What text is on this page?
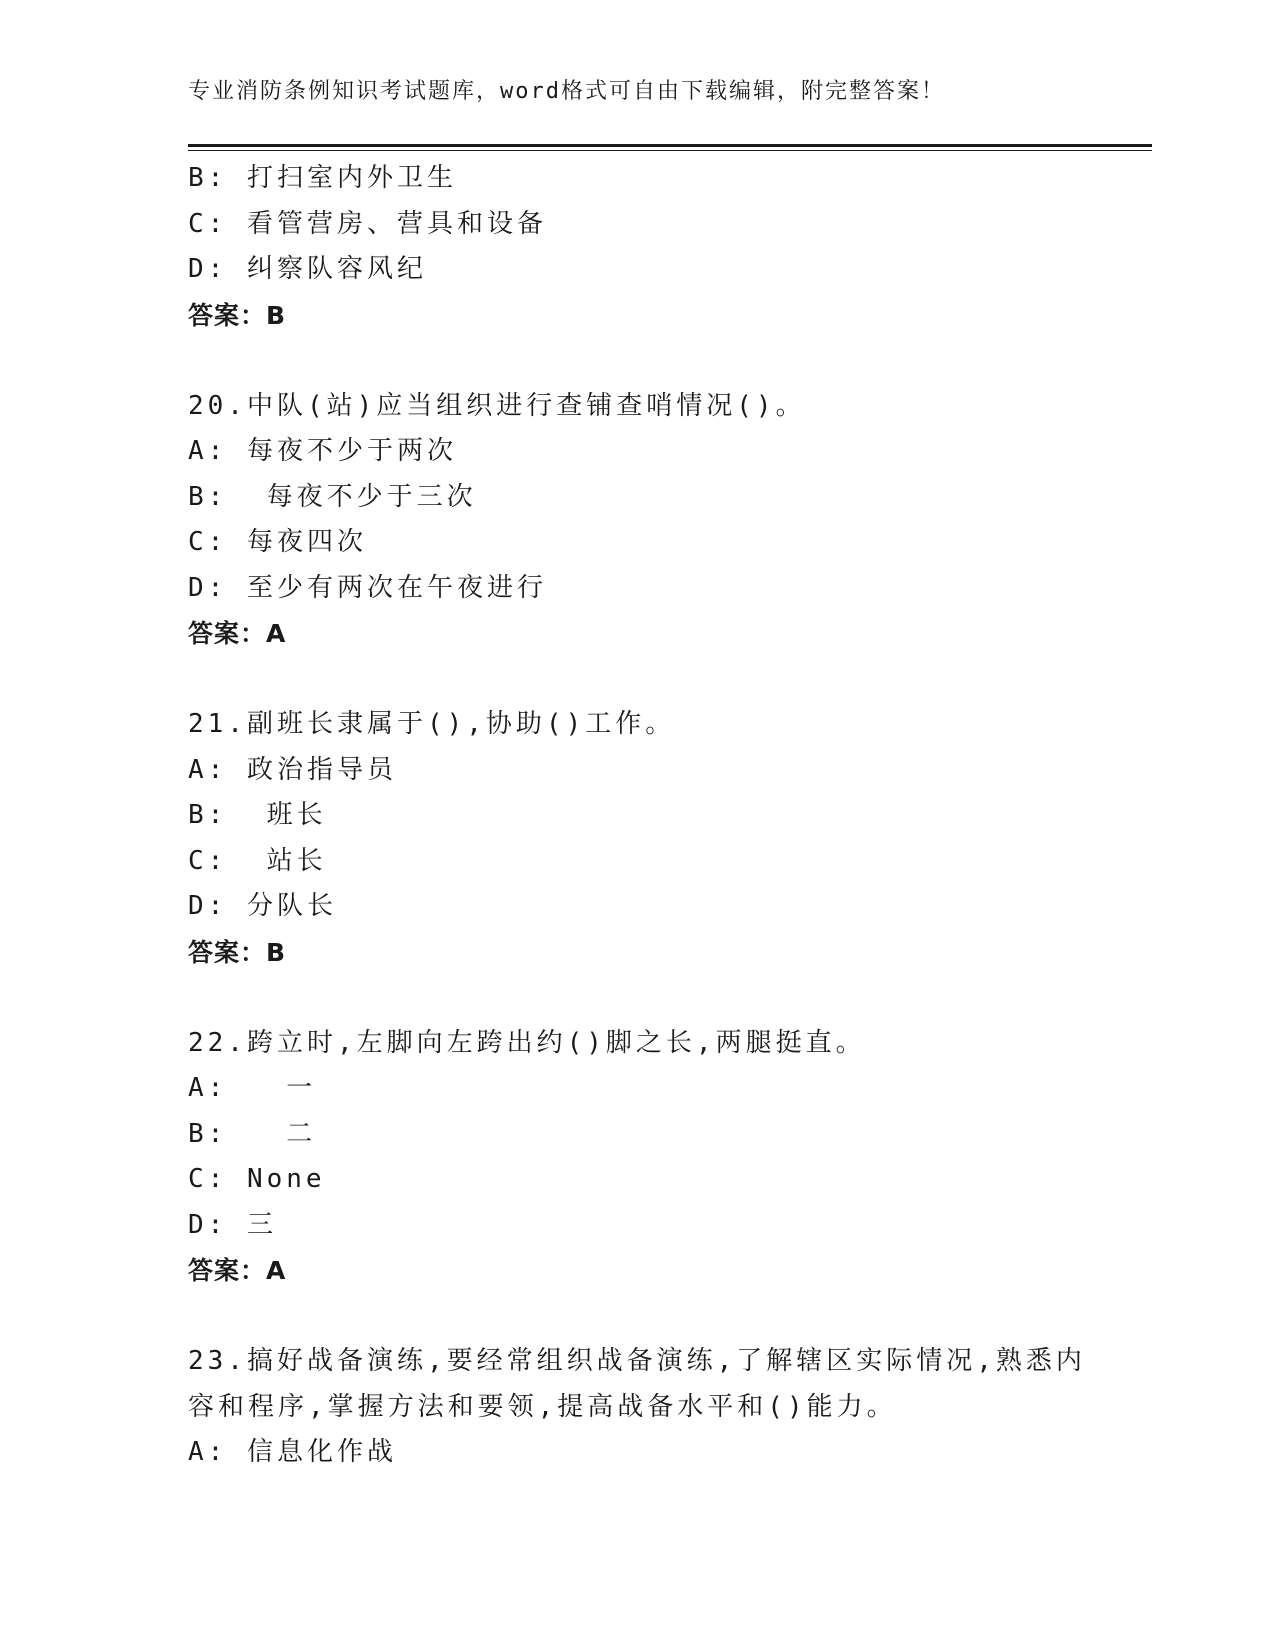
专业消防条例知识考试题库，word格式可自由下载编辑，附完整答案！
B: 打扫室内外卫生
C: 看管营房、营具和设备
D: 纠察队容风纪
答案：B
20.中队(站)应当组织进行查铺查哨情况()。
A: 每夜不少于两次
B:  每夜不少于三次
C: 每夜四次
D: 至少有两次在午夜进行
答案：A
21.副班长隶属于(),协助()工作。
A: 政治指导员
B:  班长
C:  站长
D: 分队长
答案：B
22.跨立时,左脚向左跨出约()脚之长,两腿挺直。
A:   一
B:   二
C: None
D: 三
答案：A
23.搞好战备演练,要经常组织战备演练,了解辖区实际情况,熟悉内容和程序,掌握方法和要领,提高战备水平和()能力。
A: 信息化作战
